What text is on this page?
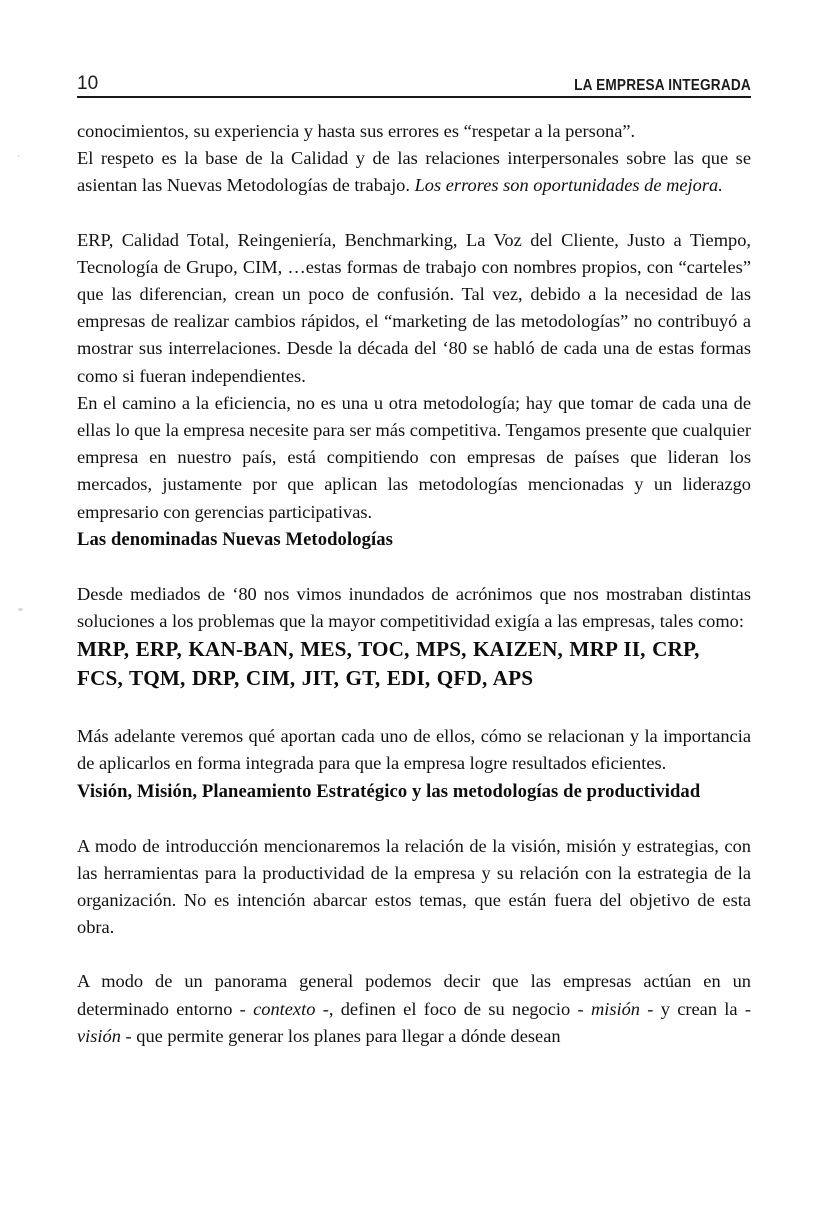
10	LA EMPRESA INTEGRADA

conocimientos, su experiencia y hasta sus errores es “respetar a la persona”.

El respeto es la base de la Calidad y de las relaciones interpersonales sobre las que se asientan las Nuevas Metodologías de trabajo. Los errores son oportunidades de mejora.

ERP, Calidad Total, Reingeniería, Benchmarking, La Voz del Cliente, Justo a Tiempo, Tecnología de Grupo, CIM, …estas formas de trabajo con nombres propios, con “carteles” que las diferencian, crean un poco de confusión. Tal vez, debido a la necesidad de las empresas de realizar cambios rápidos, el “marketing de las metodologías” no contribuyó a mostrar sus interrelaciones. Desde la década del ‘80 se habló de cada una de estas formas como si fueran independientes.

En el camino a la eficiencia, no es una u otra metodología; hay que tomar de cada una de ellas lo que la empresa necesite para ser más competitiva. Tengamos presente que cualquier empresa en nuestro país, está compitiendo con empresas de países que lideran los mercados, justamente por que aplican las metodologías mencionadas y un liderazgo empresario con gerencias participativas.

Las denominadas Nuevas Metodologías

Desde mediados de ‘80 nos vimos inundados de acrónimos que nos mostraban distintas soluciones a los problemas que la mayor competitividad exigía a las empresas, tales como:

MRP, ERP, KAN-BAN, MES, TOC, MPS, KAIZEN, MRP II, CRP, FCS, TQM, DRP, CIM, JIT, GT, EDI, QFD, APS

Más adelante veremos qué aportan cada uno de ellos, cómo se relacionan y la importancia de aplicarlos en forma integrada para que la empresa logre resultados eficientes.

Visión, Misión, Planeamiento Estratégico y las metodologías de productividad

A modo de introducción mencionaremos la relación de la visión, misión y estrategias, con las herramientas para la productividad de la empresa y su relación con la estrategia de la organización. No es intención abarcar estos temas, que están fuera del objetivo de esta obra.

A modo de un panorama general podemos decir que las empresas actúan en un determinado entorno - contexto -, definen el foco de su negocio - misión - y crean la - visión - que permite generar los planes para llegar a dónde desean
